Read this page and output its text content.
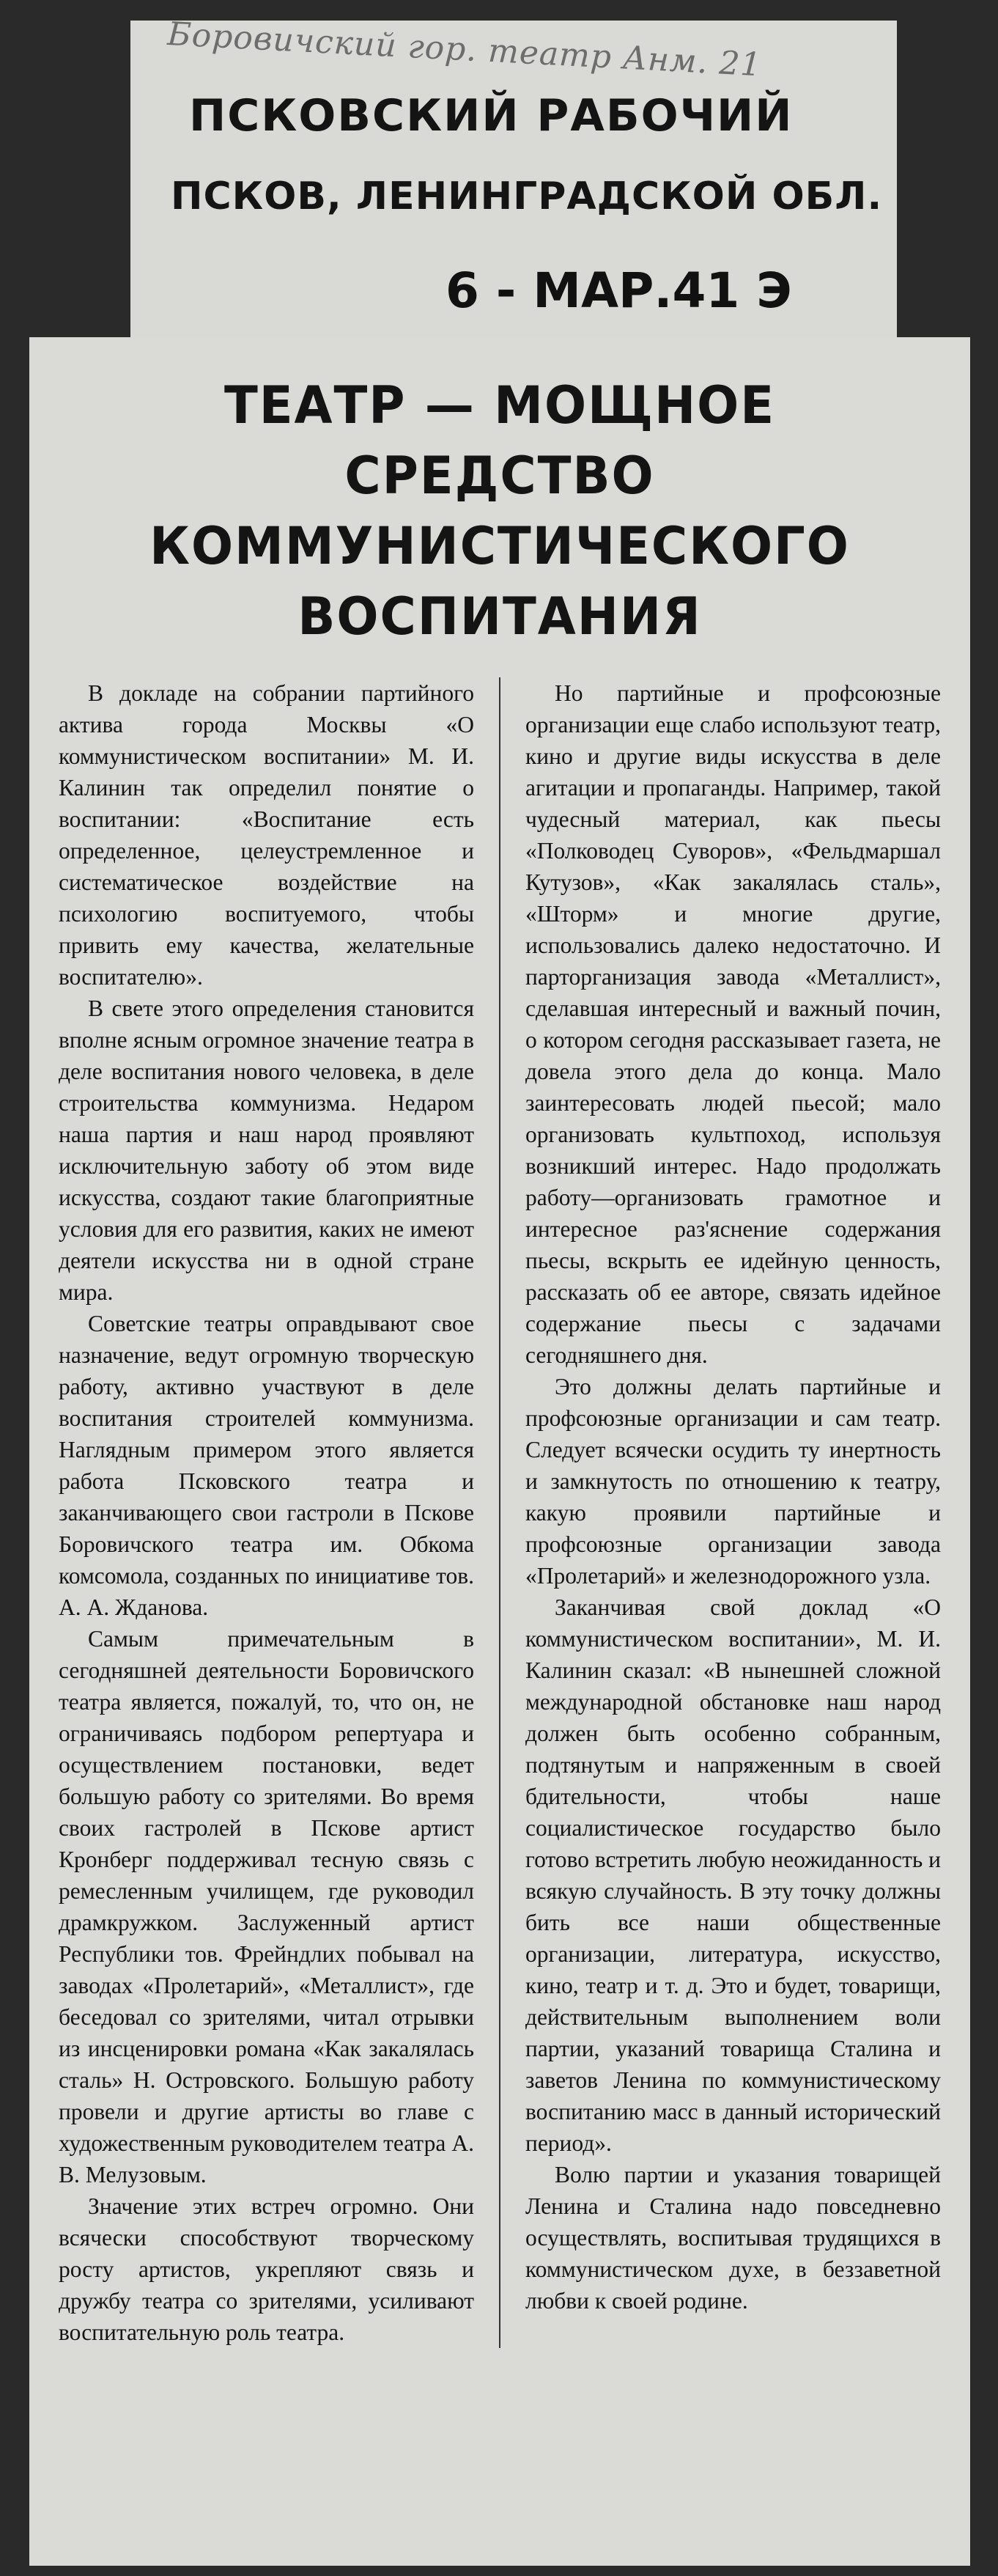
Боровичский гор. театр Анм. 21
ПСКОВСКИЙ РАБОЧИЙ
ПСКОВ, ЛЕНИНГРАДСКОЙ ОБЛ.
6 - МАР.41 Э
ТЕАТР — МОЩНОЕ СРЕДСТВО
КОММУНИСТИЧЕСКОГО ВОСПИТАНИЯ

В докладе на собрании партийного актива города Москвы «О коммунистическом воспитании» М. И. Калинин так определил понятие о воспитании: «Воспитание есть определенное, целеустремленное и систематическое воздействие на психологию воспитуемого, чтобы привить ему качества, желательные воспитателю».

В свете этого определения становится вполне ясным огромное значение театра в деле воспитания нового человека, в деле строительства коммунизма. Недаром наша партия и наш народ проявляют исключительную заботу об этом виде искусства, создают такие благоприятные условия для его развития, каких не имеют деятели искусства ни в одной стране мира.

Советские театры оправдывают свое назначение, ведут огромную творческую работу, активно участвуют в деле воспитания строителей коммунизма. Наглядным примером этого является работа Псковского театра и заканчивающего свои гастроли в Пскове Боровичского театра им. Обкома комсомола, созданных по инициативе тов. А. А. Жданова.

Самым примечательным в сегодняшней деятельности Боровичского театра является, пожалуй, то, что он, не ограничиваясь подбором репертуара и осуществлением постановки, ведет большую работу со зрителями. Во время своих гастролей в Пскове артист Кронберг поддерживал тесную связь с ремесленным училищем, где руководил драмкружком. Заслуженный артист Республики тов. Фрейндлих побывал на заводах «Пролетарий», «Металлист», где беседовал со зрителями, читал отрывки из инсценировки романа «Как закалялась сталь» Н. Островского. Большую работу провели и другие артисты во главе с художественным руководителем театра А. В. Мелузовым.

Значение этих встреч огромно. Они всячески способствуют творческому росту артистов, укрепляют связь и дружбу театра со зрителями, усиливают воспитательную роль театра.

Но партийные и профсоюзные организации еще слабо используют театр, кино и другие виды искусства в деле агитации и пропаганды. Например, такой чудесный материал, как пьесы «Полководец Суворов», «Фельдмаршал Кутузов», «Как закалялась сталь», «Шторм» и многие другие, использовались далеко недостаточно. И парторганизация завода «Металлист», сделавшая интересный и важный почин, о котором сегодня рассказывает газета, не довела этого дела до конца. Мало заинтересовать людей пьесой; мало организовать культпоход, используя возникший интерес. Надо продолжать работу—организовать грамотное и интересное раз'яснение содержания пьесы, вскрыть ее идейную ценность, рассказать об ее авторе, связать идейное содержание пьесы с задачами сегодняшнего дня.

Это должны делать партийные и профсоюзные организации и сам театр. Следует всячески осудить ту инертность и замкнутость по отношению к театру, какую проявили партийные и профсоюзные организации завода «Пролетарий» и железнодорожного узла.

Заканчивая свой доклад «О коммунистическом воспитании», М. И. Калинин сказал: «В нынешней сложной международной обстановке наш народ должен быть особенно собранным, подтянутым и напряженным в своей бдительности, чтобы наше социалистическое государство было готово встретить любую неожиданность и всякую случайность. В эту точку должны бить все наши общественные организации, литература, искусство, кино, театр и т. д. Это и будет, товарищи, действительным выполнением воли партии, указаний товарища Сталина и заветов Ленина по коммунистическому воспитанию масс в данный исторический период».

Волю партии и указания товарищей Ленина и Сталина надо повседневно осуществлять, воспитывая трудящихся в коммунистическом духе, в беззаветной любви к своей родине.
